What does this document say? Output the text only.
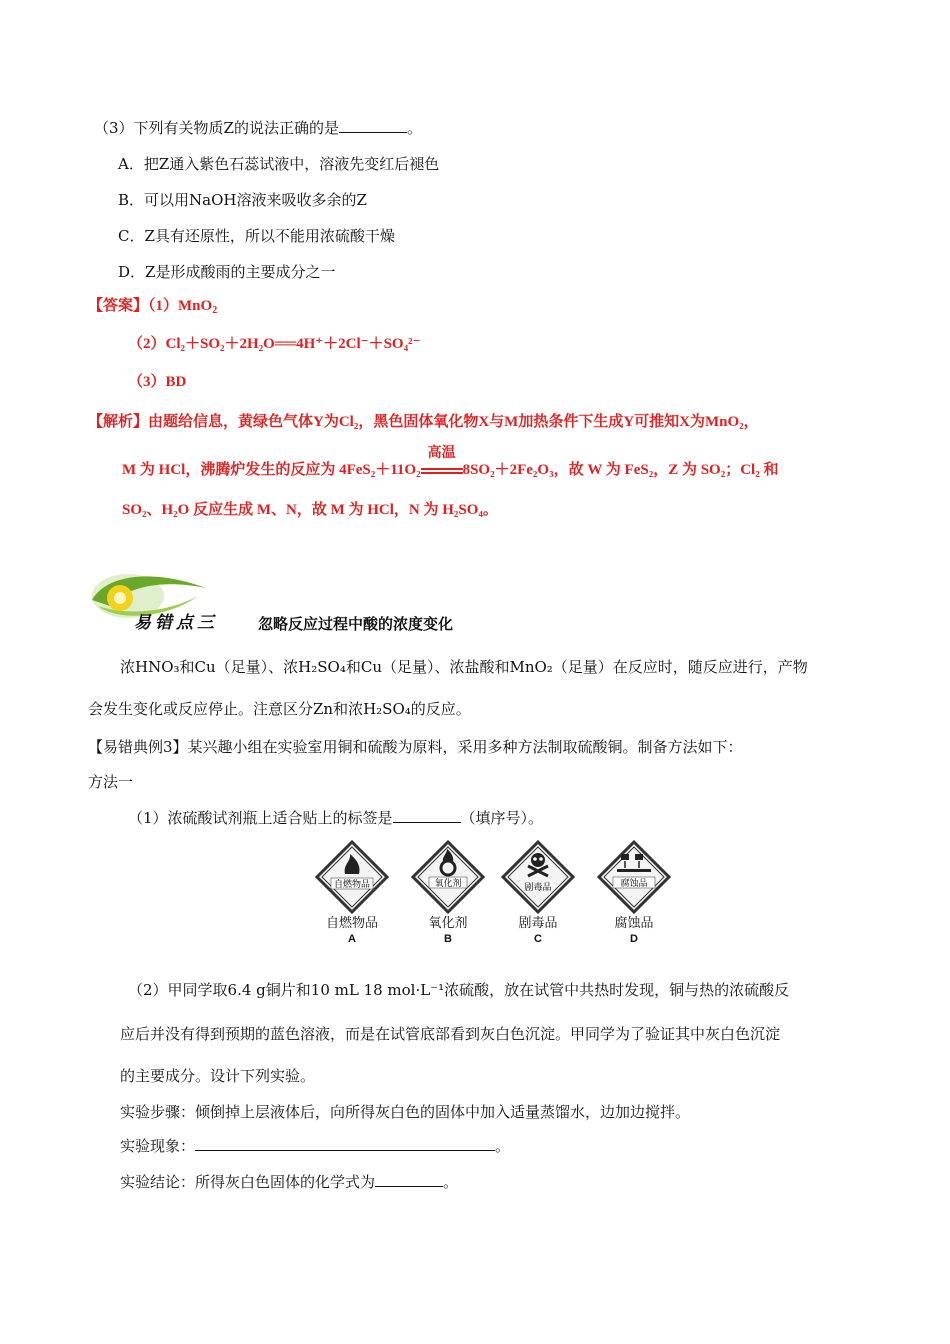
（3）下列有关物质Z的说法正确的是	。
A．把Z通入紫色石蕊试液中，溶液先变红后褪色
B．可以用NaOH溶液来吸收多余的Z
C．Z具有还原性，所以不能用浓硫酸干燥
D．Z是形成酸雨的主要成分之一
【答案】（1）MnO$_2$
（2）Cl₂＋SO₂＋2H₂O══4H⁺＋2Cl⁻＋SO₄²⁻
（3）BD
【解析】由题给信息，黄绿色气体Y为Cl₂，黑色固体氧化物X与M加热条件下生成Y可推知X为MnO₂，
M 为 HCl，沸腾炉发生的反应为 4FeS₂＋11O₂
高温
8SO₂＋2Fe₂O₃，故 W 为 FeS₂，Z 为 SO₂；Cl₂ 和
SO₂、H₂O 反应生成 M、N，故 M 为 HCl，N 为 H₂SO₄。
易错点三	忽略反应过程中酸的浓度变化
浓HNO₃和Cu（足量）、浓H₂SO₄和Cu（足量）、浓盐酸和MnO₂（足量）在反应时，随反应进行，产物
会发生变化或反应停止。注意区分Zn和浓H₂SO₄的反应。
【易错典例3】某兴趣小组在实验室用铜和硫酸为原料，采用多种方法制取硫酸铜。制备方法如下：
方法一
（1）浓硫酸试剂瓶上适合贴上的标签是	（填序号）。
自燃物品
自燃物品
A
氧化剂
氧化剂
B
剧毒品
剧毒品
C
腐蚀品
腐蚀品
D
（2）甲同学取6.4 g铜片和10 mL 18 mol·L⁻¹浓硫酸，放在试管中共热时发现，铜与热的浓硫酸反
应后并没有得到预期的蓝色溶液，而是在试管底部看到灰白色沉淀。甲同学为了验证其中灰白色沉淀
的主要成分。设计下列实验。
实验步骤：倾倒掉上层液体后，向所得灰白色的固体中加入适量蒸馏水，边加边搅拌。
实验现象：	。
实验结论：所得灰白色固体的化学式为	。
